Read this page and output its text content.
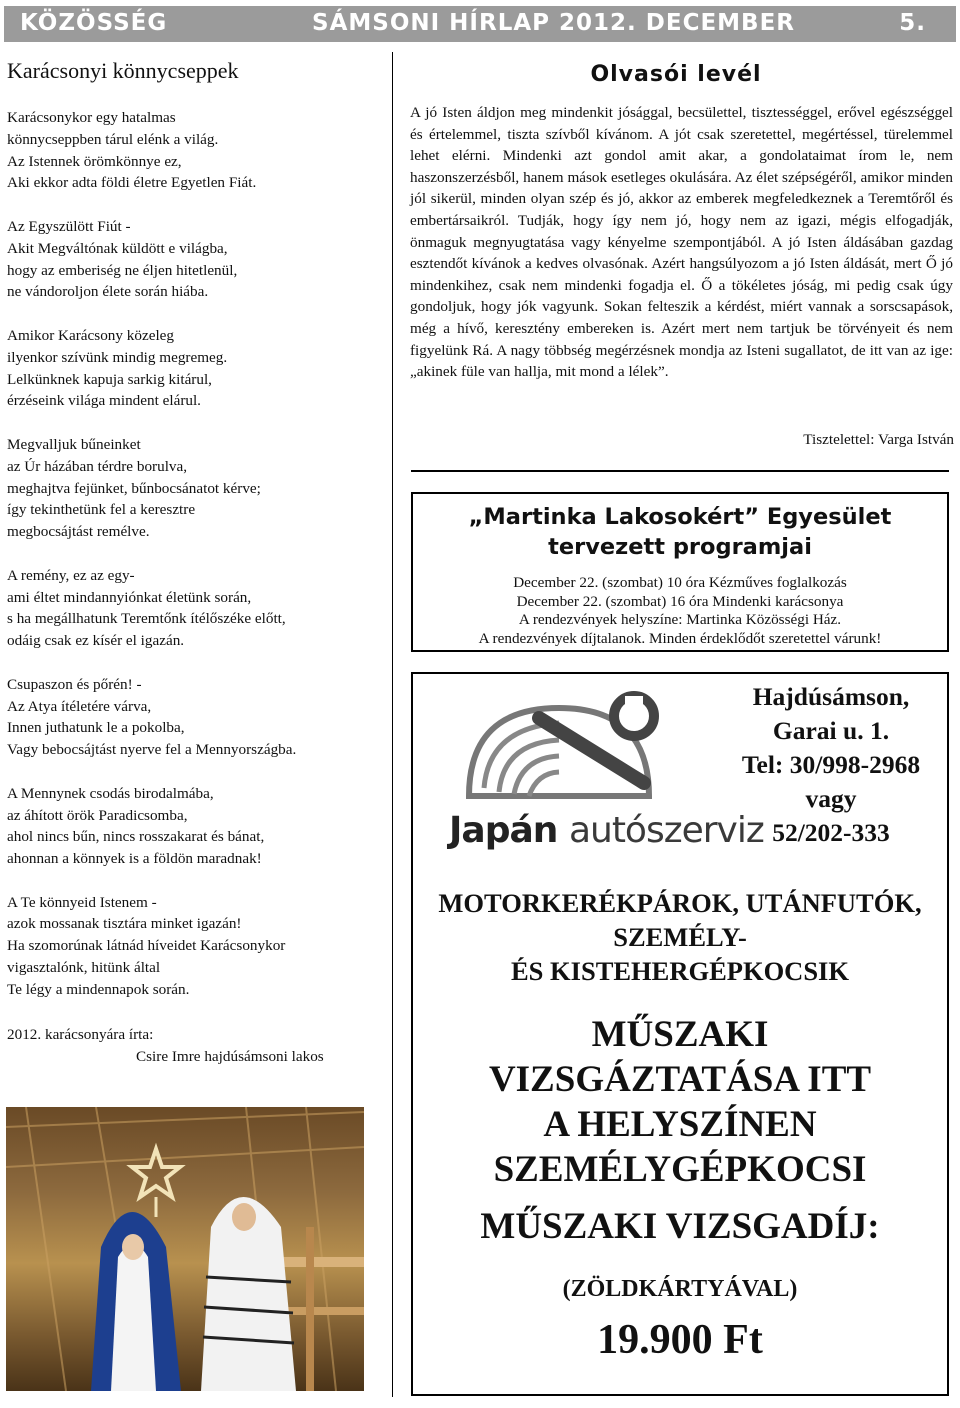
KÖZÖSSÉG	SÁMSONI HÍRLAP 2012. DECEMBER	5.
Karácsonyi könnycseppek

Karácsonykor egy hatalmas
könnycseppben tárul elénk a világ.
Az Istennek örömkönnye ez,
Aki ekkor adta földi életre Egyetlen Fiát.

Az Egyszülött Fiút -
Akit Megváltónak küldött e világba,
hogy az emberiség ne éljen hitetlenül,
ne vándoroljon élete során hiába.

Amikor Karácsony közeleg
ilyenkor szívünk mindig megremeg.
Lelkünknek kapuja sarkig kitárul,
érzéseink világa mindent elárul.

Megvalljuk bűneinket
az Úr házában térdre borulva,
meghajtva fejünket, bűnbocsánatot kérve;
így tekinthetünk fel a keresztre
megbocsájtást remélve.

A remény, ez az egy-
ami éltet mindannyiónkat életünk során,
s ha megállhatunk Teremtőnk ítélőszéke előtt,
odáig csak ez kísér el igazán.

Csupaszon és pőrén! -
Az Atya ítéletére várva,
Innen juthatunk le a pokolba,
Vagy bebocsájtást nyerve fel a Mennyországba.

A Mennynek csodás birodalmába,
az áhított örök Paradicsomba,
ahol nincs bűn, nincs rosszakarat és bánat,
ahonnan a könnyek is a földön maradnak!

A Te könnyeid Istenem -
azok mossanak tisztára minket igazán!
Ha szomorúnak látnád híveidet Karácsonykor
vigasztalónk, hitünk által
Te légy a mindennapok során.

2012. karácsonyára írta:
Csire Imre hajdúsámsoni lakos
Olvasói levél
A jó Isten áldjon meg mindenkit jósággal, becsülettel, tisztességgel, erővel egészséggel és értelemmel, tiszta szívből kívánom. A jót csak szeretettel, megértéssel, türelemmel lehet elérni. Mindenki azt gondol amit akar, a gondolataimat írom le, nem haszonszerzésből, hanem mások esetleges okulására. Az élet szépségéről, amikor minden jól sikerül, minden olyan szép és jó, akkor az emberek megfeledkeznek a Teremtőről és embertársaikról. Tudják, hogy így nem jó, hogy nem az igazi, mégis elfogadják, önmaguk megnyugtatása vagy kényelme szempontjából. A jó Isten áldásában gazdag esztendőt kívánok a kedves olvasónak. Azért hangsúlyozom a jó Isten áldását, mert Ő jó mindenkihez, csak nem mindenki fogadja el. Ő a tökéletes jóság, mi pedig csak úgy gondoljuk, hogy jók vagyunk. Sokan felteszik a kérdést, miért vannak a sorscsapások, még a hívő, keresztény embereken is. Azért mert nem tartjuk be törvényeit és nem figyelünk Rá. A nagy többség megérzésnek mondja az Isteni sugallatot, de itt van az ige: „akinek füle van hallja, mit mond a lélek”.
Tisztelettel: Varga István
„Martinka Lakosokért” Egyesület
tervezett programjai
December 22. (szombat) 10 óra Kézműves foglalkozás
December 22. (szombat) 16 óra Mindenki karácsonya
A rendezvények helyszíne: Martinka Közösségi Ház.
A rendezvények díjtalanok. Minden érdeklődőt szeretettel várunk!
Japán autószerviz
Hajdúsámson,
Garai u. 1.
Tel: 30/998-2968
vagy
52/202-333
MOTORKERÉKPÁROK, UTÁNFUTÓK,
SZEMÉLY-
ÉS KISTEHERGÉPKOCSIK
MŰSZAKI
VIZSGÁZTATÁSA ITT
A HELYSZÍNEN
SZEMÉLYGÉPKOCSI
MŰSZAKI VIZSGADÍJ:
(ZÖLDKÁRTYÁVAL)
19.900 Ft
